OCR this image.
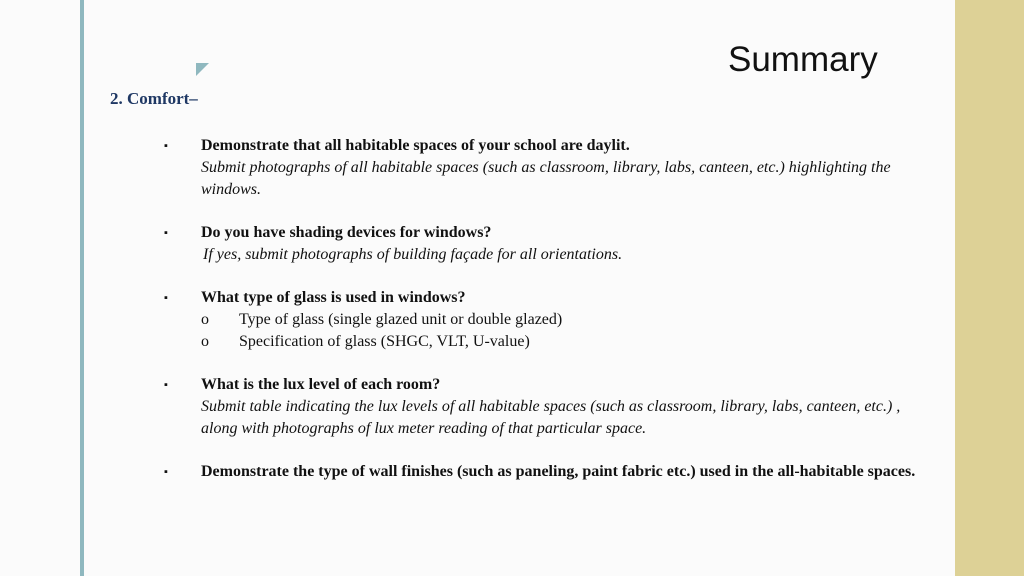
Summary
2. Comfort–
▪ Demonstrate that all habitable spaces of your school are daylit.
Submit photographs of all habitable spaces (such as classroom, library, labs, canteen, etc.) highlighting the windows.
▪ Do you have shading devices for windows?
If yes, submit photographs of building façade for all orientations.
▪ What type of glass is used in windows?
o Type of glass (single glazed unit or double glazed)
o Specification of glass (SHGC, VLT, U-value)
▪ What is the lux level of each room?
Submit table indicating the lux levels of all habitable spaces (such as classroom, library, labs, canteen, etc.) , along with photographs of lux meter reading of that particular space.
▪ Demonstrate the type of wall finishes (such as paneling, paint fabric etc.) used in the all-habitable spaces.
